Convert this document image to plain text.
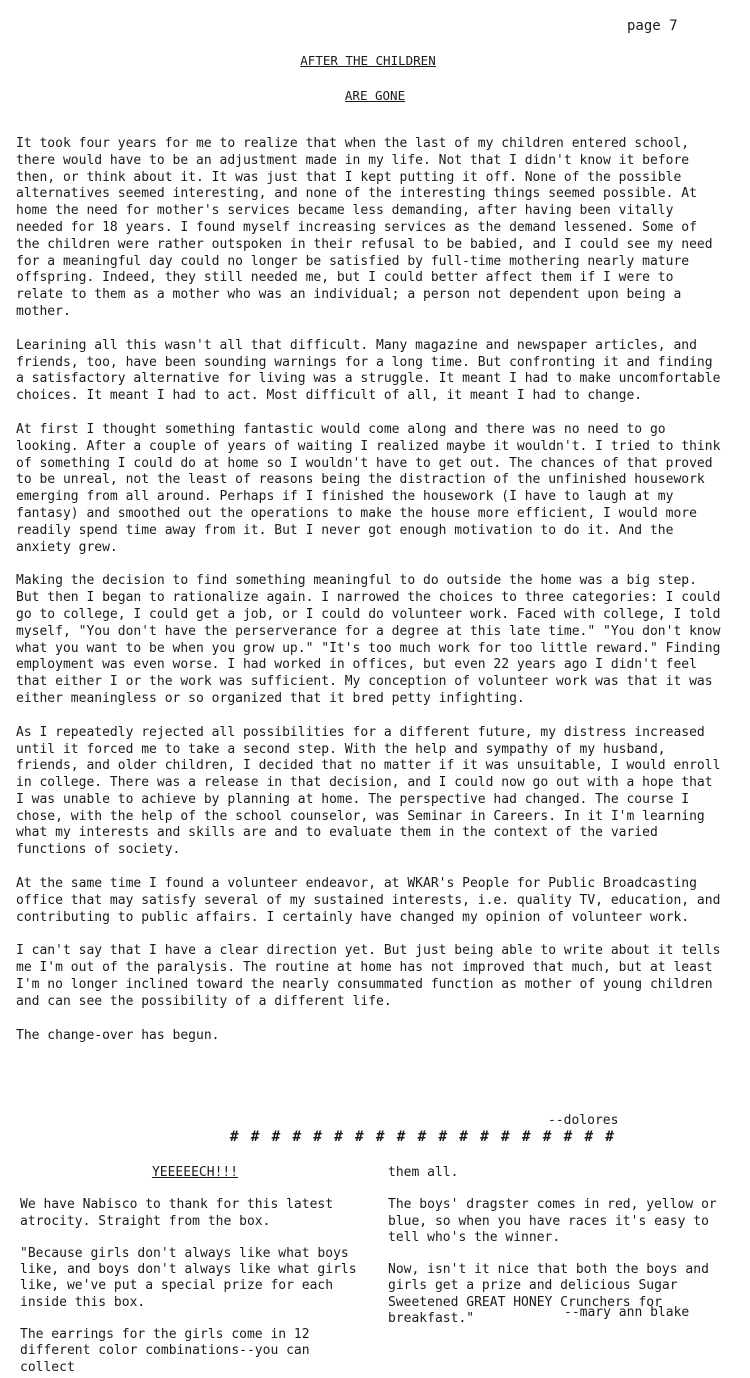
page 7
AFTER THE CHILDREN
ARE GONE

It took four years for me to realize that when the last of my children entered school, there would have to be an adjustment made in my life. Not that I didn't know it before then, or think about it. It was just that I kept putting it off. None of the possible alternatives seemed interesting, and none of the interesting things seemed possible. At home the need for mother's services became less demanding, after having been vitally needed for 18 years. I found myself increasing services as the demand lessened. Some of the children were rather outspoken in their refusal to be babied, and I could see my need for a meaningful day could no longer be satisfied by full-time mothering nearly mature offspring. Indeed, they still needed me, but I could better affect them if I were to relate to them as a mother who was an individual; a person not dependent upon being a mother.

Learining all this wasn't all that difficult. Many magazine and newspaper articles, and friends, too, have been sounding warnings for a long time. But confronting it and finding a satisfactory alternative for living was a struggle. It meant I had to make uncomfortable choices. It meant I had to act. Most difficult of all, it meant I had to change.

At first I thought something fantastic would come along and there was no need to go looking. After a couple of years of waiting I realized maybe it wouldn't. I tried to think of something I could do at home so I wouldn't have to get out. The chances of that proved to be unreal, not the least of reasons being the distraction of the unfinished housework emerging from all around. Perhaps if I finished the housework (I have to laugh at my fantasy) and smoothed out the operations to make the house more efficient, I would more readily spend time away from it. But I never got enough motivation to do it. And the anxiety grew.

Making the decision to find something meaningful to do outside the home was a big step. But then I began to rationalize again. I narrowed the choices to three categories: I could go to college, I could get a job, or I could do volunteer work. Faced with college, I told myself, "You don't have the perserverance for a degree at this late time." "You don't know what you want to be when you grow up." "It's too much work for too little reward." Finding employment was even worse. I had worked in offices, but even 22 years ago I didn't feel that either I or the work was sufficient. My conception of volunteer work was that it was either meaningless or so organized that it bred petty infighting.

As I repeatedly rejected all possibilities for a different future, my distress increased until it forced me to take a second step. With the help and sympathy of my husband, friends, and older children, I decided that no matter if it was unsuitable, I would enroll in college. There was a release in that decision, and I could now go out with a hope that I was unable to achieve by planning at home. The perspective had changed. The course I chose, with the help of the school counselor, was Seminar in Careers. In it I'm learning what my interests and skills are and to evaluate them in the context of the varied functions of society.

At the same time I found a volunteer endeavor, at WKAR's People for Public Broadcasting office that may satisfy several of my sustained interests, i.e. quality TV, education, and contributing to public affairs. I certainly have changed my opinion of volunteer work.

I can't say that I have a clear direction yet. But just being able to write about it tells me I'm out of the paralysis. The routine at home has not improved that much, but at least I'm no longer inclined toward the nearly consummated function as mother of young children and can see the possibility of a different life.

The change-over has begun.

--dolores
# # # # # # # # # # # # # # # # # # #

YEEEEECH!!!

We have Nabisco to thank for this latest atrocity. Straight from the box.

"Because girls don't always like what boys like, and boys don't always like what girls like, we've put a special prize for each inside this box.

The earrings for the girls come in 12 different color combinations--you can collect

them all.

The boys' dragster comes in red, yellow or blue, so when you have races it's easy to tell who's the winner.

Now, isn't it nice that both the boys and girls get a prize and delicious Sugar Sweetened GREAT HONEY Crunchers for breakfast."	--mary ann blake
